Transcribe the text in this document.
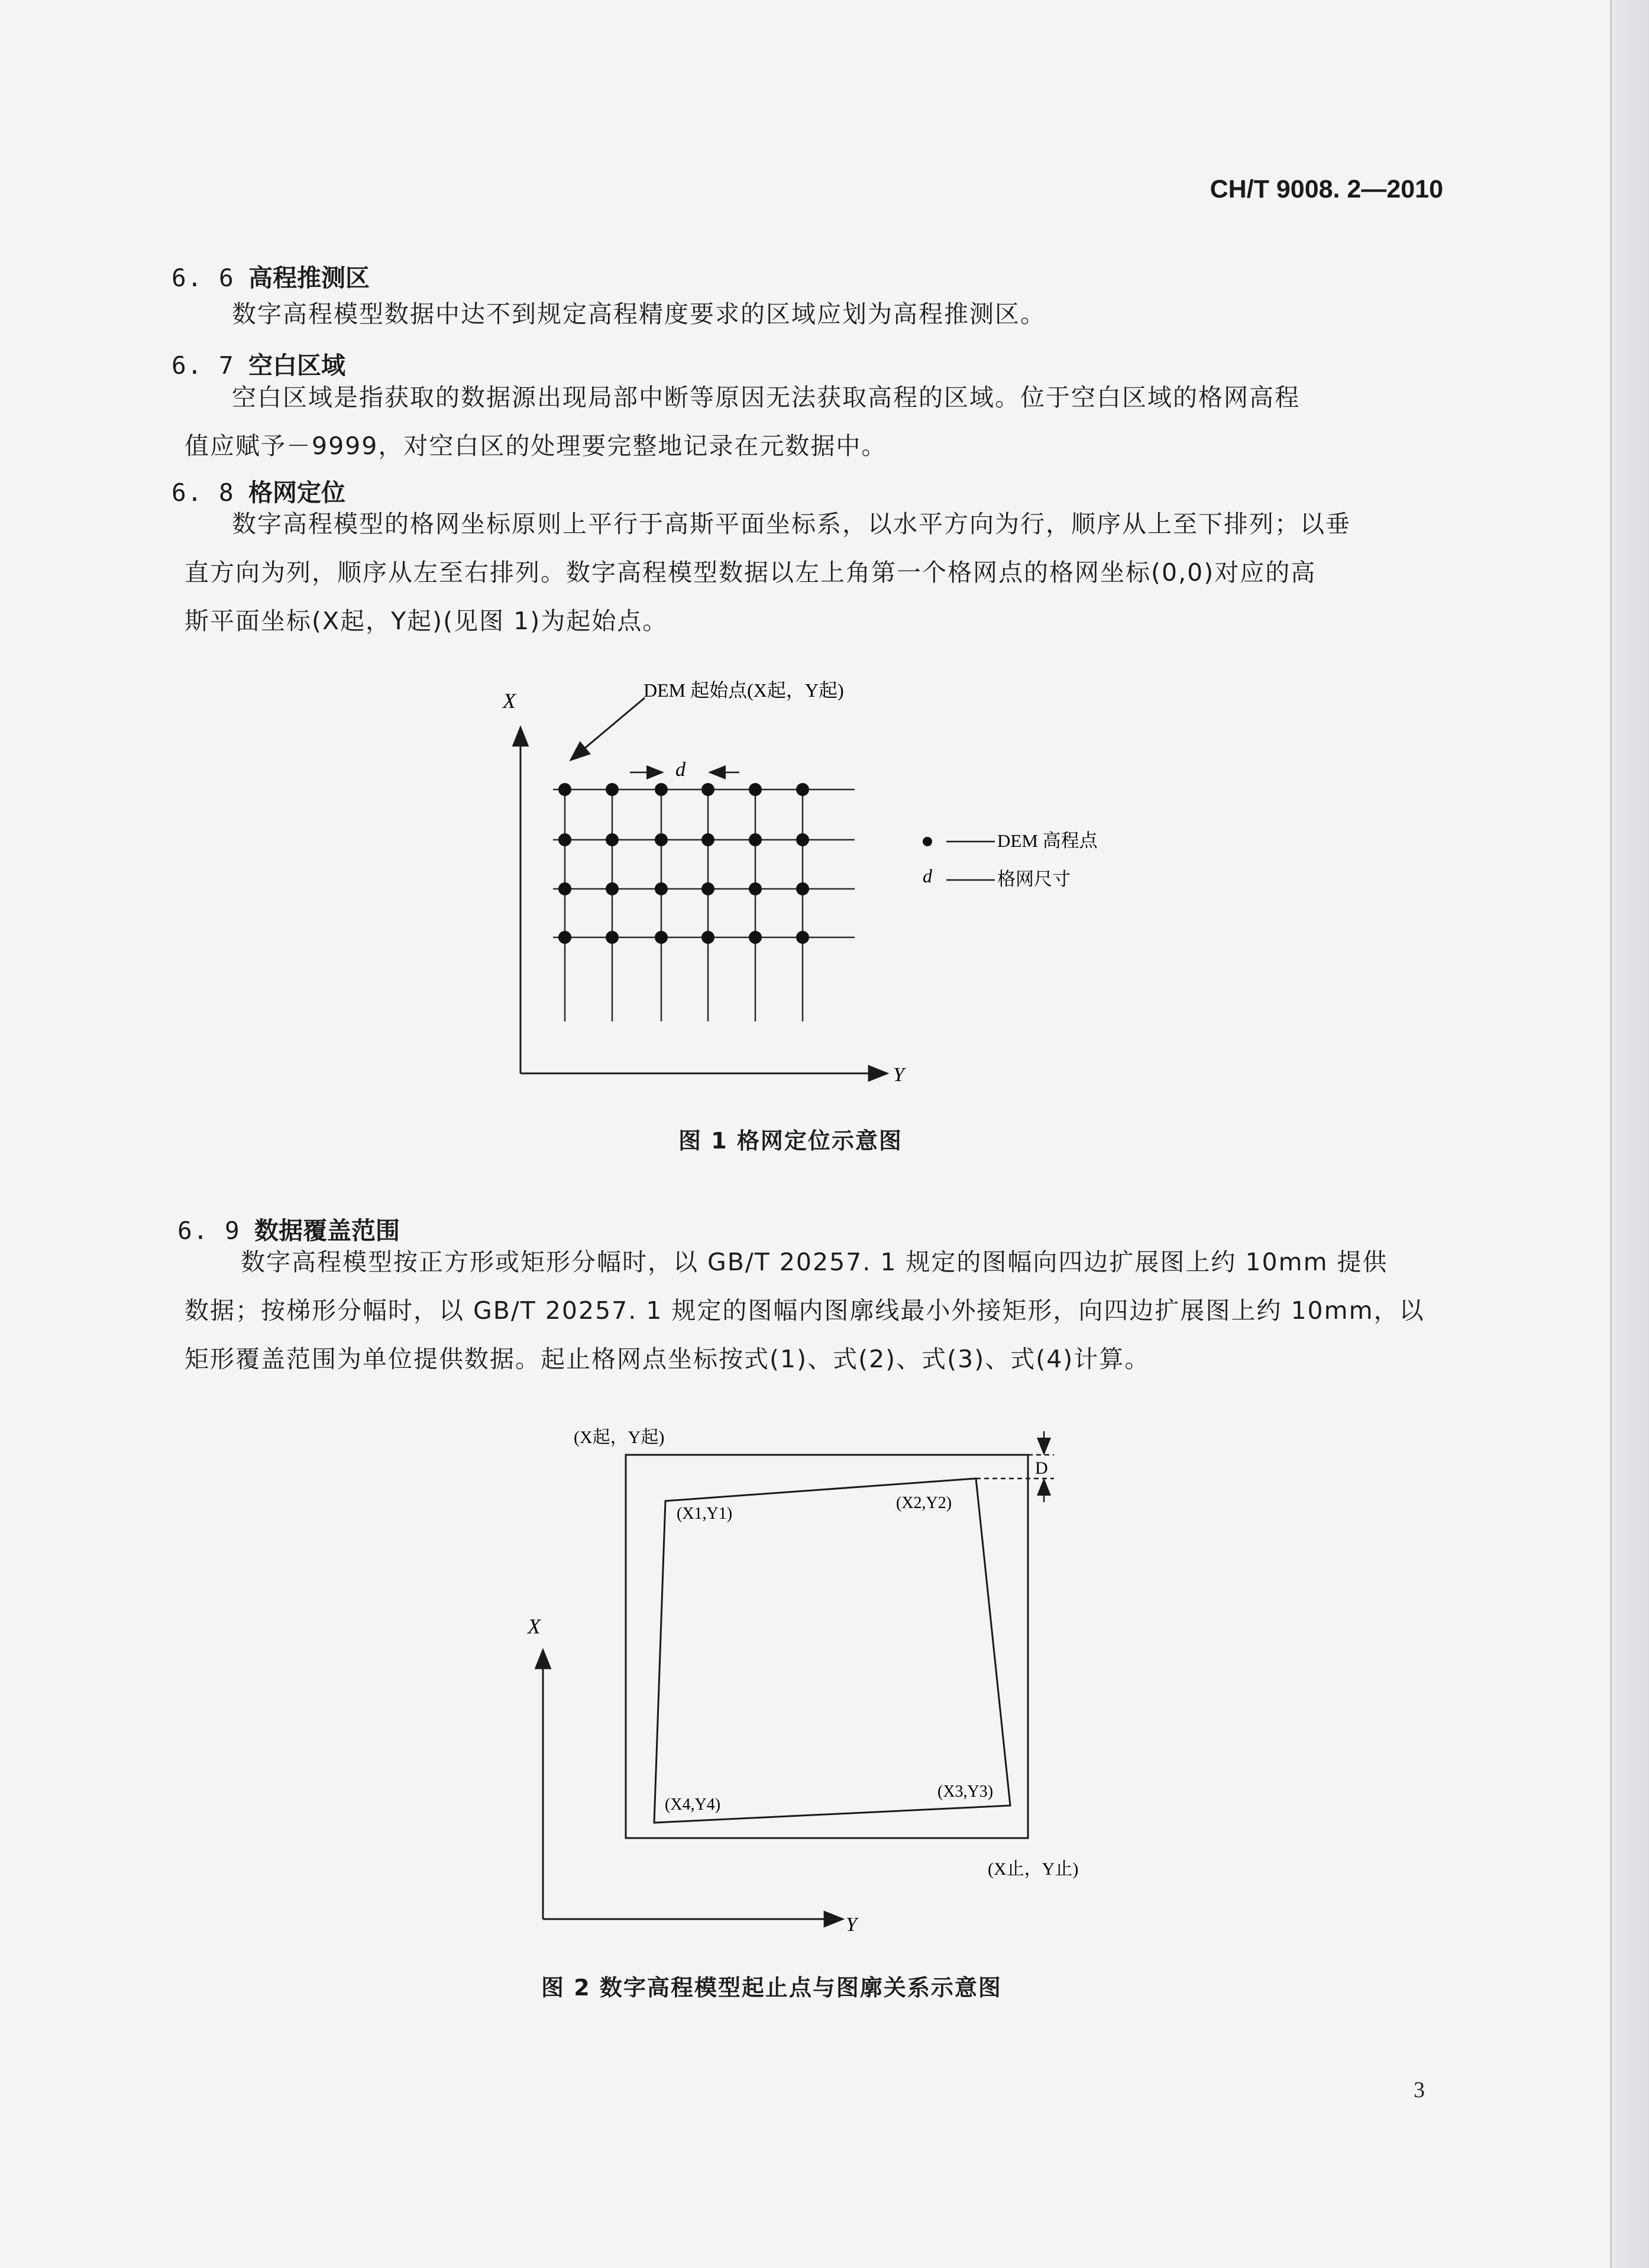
CH/T 9008. 2—2010
6. 6 高程推测区
数字高程模型数据中达不到规定高程精度要求的区域应划为高程推测区。
6. 7 空白区域
空白区域是指获取的数据源出现局部中断等原因无法获取高程的区域。位于空白区域的格网高程
值应赋予－9999，对空白区的处理要完整地记录在元数据中。
6. 8 格网定位
数字高程模型的格网坐标原则上平行于高斯平面坐标系，以水平方向为行，顺序从上至下排列；以垂
直方向为列，顺序从左至右排列。数字高程模型数据以左上角第一个格网点的格网坐标(0,0)对应的高
斯平面坐标(X起，Y起)(见图 1)为起始点。
X
Y
DEM 起始点(X起，Y起)
d
DEM 高程点
d	格网尺寸
图 1 格网定位示意图
6. 9 数据覆盖范围
数字高程模型按正方形或矩形分幅时，以 GB/T 20257. 1 规定的图幅向四边扩展图上约 10mm 提供
数据；按梯形分幅时，以 GB/T 20257. 1 规定的图幅内图廓线最小外接矩形，向四边扩展图上约 10mm，以
矩形覆盖范围为单位提供数据。起止格网点坐标按式(1)、式(2)、式(3)、式(4)计算。
X
Y
D
(X起，Y起)
(X止，Y止)
(X1,Y1)
(X2,Y2)
(X3,Y3)
(X4,Y4)
图 2 数字高程模型起止点与图廓关系示意图
3
